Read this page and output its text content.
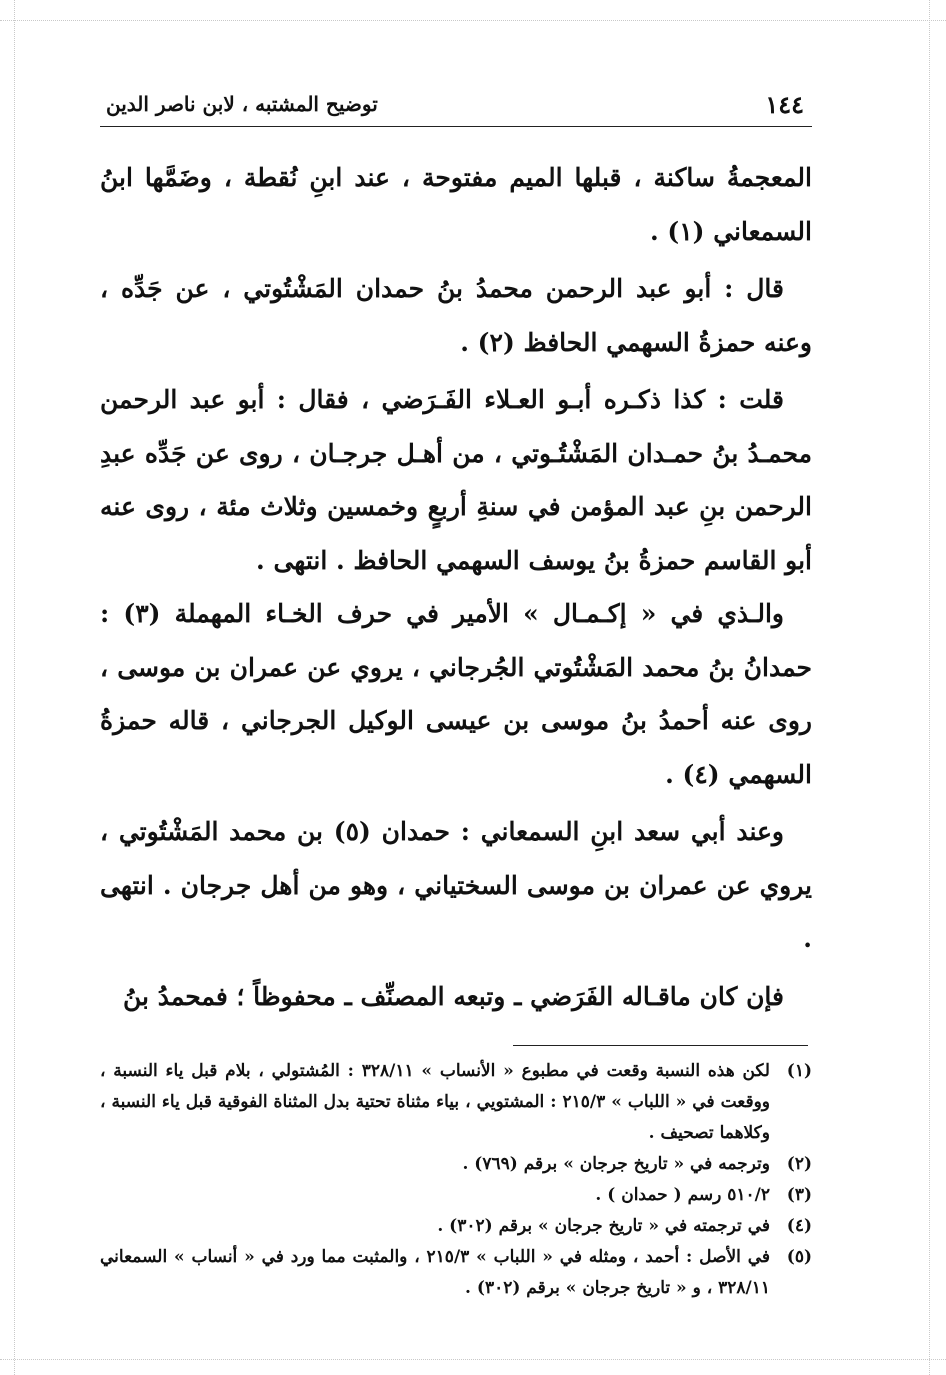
١٤٤
توضيح المشتبه ، لابن ناصر الدين

المعجمةُ ساكنة ، قبلها الميم مفتوحة ، عند ابنِ نُقطة ، وضَمَّها ابنُ السمعاني (١) .

قال : أبو عبد الرحمن محمدُ بنُ حمدان المَشْتُوتي ، عن جَدِّه ، وعنه حمزةُ السهمي الحافظ (٢) .

قلت : كذا ذكـره أبـو العـلاء الفَـرَضي ، فقال : أبو عبد الرحمن محمـدُ بنُ حمـدان المَشْتُـوتي ، من أهـل جرجـان ، روى عن جَدِّه عبدِ الرحمن بنِ عبد المؤمن في سنةِ أربعٍ وخمسين وثلاث مئة ، روى عنه أبو القاسم حمزةُ بنُ يوسف السهمي الحافظ . انتهى .

والـذي في « إكـمـال » الأمير في حرف الخـاء المهملة (٣) : حمدانُ بنُ محمد المَشْتُوتي الجُرجاني ، يروي عن عمران بن موسى ، روى عنه أحمدُ بنُ موسى بن عيسى الوكيل الجرجاني ، قاله حمزةُ السهمي (٤) .

وعند أبي سعد ابنِ السمعاني : حمدان (٥) بن محمد المَشْتُوتي ، يروي عن عمران بن موسى السختياني ، وهو من أهل جرجان . انتهى .

فإن كان ماقـاله الفَرَضي ـ وتبعه المصنِّف ـ محفوظاً ؛ فمحمدُ بنُ

(١)
لكن هذه النسبة وقعت في مطبوع « الأنساب » ٣٢٨/١١ : المُشتولي ، بلام قبل ياء النسبة ، ووقعت في « اللباب » ٢١٥/٣ : المشتويي ، بياء مثناة تحتية بدل المثناة الفوقية قبل ياء النسبة ، وكلاهما تصحيف .
(٢)
وترجمه في « تاريخ جرجان » برقم (٧٦٩) .
(٣)
٥١٠/٢ رسم ( حمدان ) .
(٤)
في ترجمته في « تاريخ جرجان » برقم (٣٠٢) .
(٥)
في الأصل : أحمد ، ومثله في « اللباب » ٢١٥/٣ ، والمثبت مما ورد في « أنساب » السمعاني ٣٢٨/١١ ، و « تاريخ جرجان » برقم (٣٠٢) .
